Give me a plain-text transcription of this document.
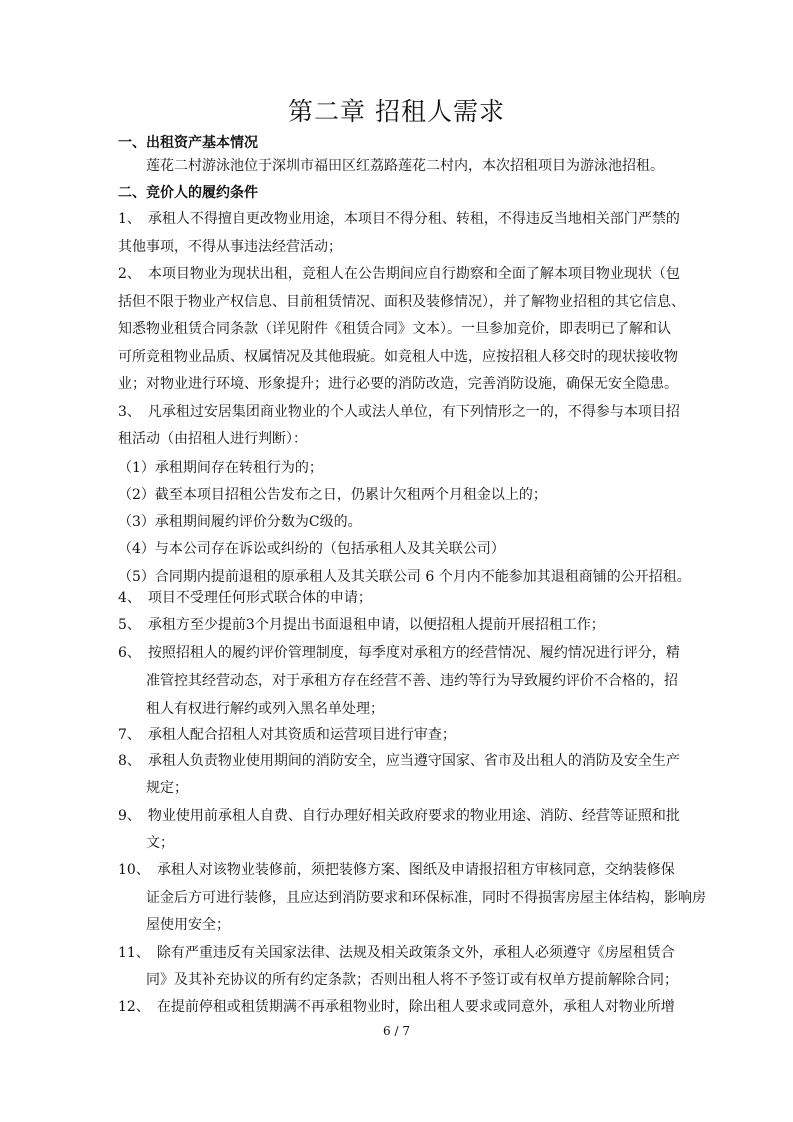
第二章 招租人需求
一、出租资产基本情况
莲花二村游泳池位于深圳市福田区红荔路莲花二村内，本次招租项目为游泳池招租。
二、竞价人的履约条件
1、　承租人不得擅自更改物业用途，本项目不得分租、转租，不得违反当地相关部门严禁的
其他事项，不得从事违法经营活动；
2、　本项目物业为现状出租，竞租人在公告期间应自行勘察和全面了解本项目物业现状（包
括但不限于物业产权信息、目前租赁情况、面积及装修情况），并了解物业招租的其它信息、
知悉物业租赁合同条款（详见附件《租赁合同》文本）。一旦参加竞价，即表明已了解和认
可所竞租物业品质、权属情况及其他瑕疵。如竞租人中选，应按招租人移交时的现状接收物
业；对物业进行环境、形象提升；进行必要的消防改造，完善消防设施，确保无安全隐患。
3、　凡承租过安居集团商业物业的个人或法人单位，有下列情形之一的，不得参与本项目招
租活动（由招租人进行判断）：
（1）承租期间存在转租行为的；
（2）截至本项目招租公告发布之日，仍累计欠租两个月租金以上的；
（3）承租期间履约评价分数为C级的。
（4）与本公司存在诉讼或纠纷的（包括承租人及其关联公司）
（5）合同期内提前退租的原承租人及其关联公司 6 个月内不能参加其退租商铺的公开招租。
4、　项目不受理任何形式联合体的申请；
5、　承租方至少提前3个月提出书面退租申请，以便招租人提前开展招租工作；
6、　按照招租人的履约评价管理制度，每季度对承租方的经营情况、履约情况进行评分，精
准管控其经营动态，对于承租方存在经营不善、违约等行为导致履约评价不合格的，招
租人有权进行解约或列入黑名单处理；
7、　承租人配合招租人对其资质和运营项目进行审查；
8、　承租人负责物业使用期间的消防安全，应当遵守国家、省市及出租人的消防及安全生产
规定；
9、　物业使用前承租人自费、自行办理好相关政府要求的物业用途、消防、经营等证照和批
文；
10、　承租人对该物业装修前，须把装修方案、图纸及申请报招租方审核同意，交纳装修保
证金后方可进行装修，且应达到消防要求和环保标准，同时不得损害房屋主体结构，影响房
屋使用安全；
11、　除有严重违反有关国家法律、法规及相关政策条文外，承租人必须遵守《房屋租赁合
同》及其补充协议的所有约定条款；否则出租人将不予签订或有权单方提前解除合同；
12、　在提前停租或租赁期满不再承租物业时，除出租人要求或同意外，承租人对物业所增
6 / 7
